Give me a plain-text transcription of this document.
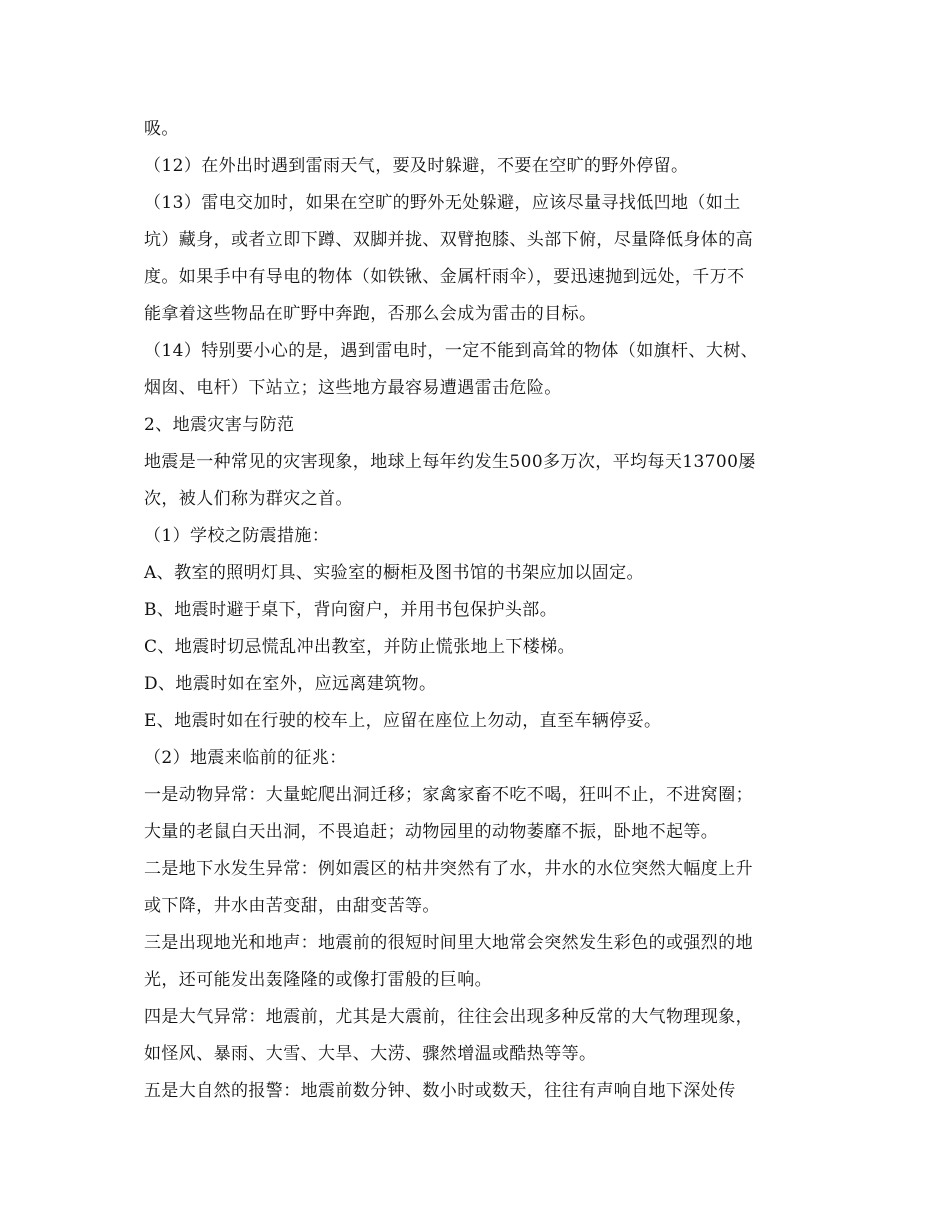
吸。
（12）在外出时遇到雷雨天气，要及时躲避，不要在空旷的野外停留。
（13）雷电交加时，如果在空旷的野外无处躲避，应该尽量寻找低凹地（如土
坑）藏身，或者立即下蹲、双脚并拢、双臂抱膝、头部下俯，尽量降低身体的高
度。如果手中有导电的物体（如铁锹、金属杆雨伞），要迅速抛到远处，千万不
能拿着这些物品在旷野中奔跑，否那么会成为雷击的目标。
（14）特别要小心的是，遇到雷电时，一定不能到高耸的物体（如旗杆、大树、
烟囱、电杆）下站立；这些地方最容易遭遇雷击危险。
2、地震灾害与防范
地震是一种常见的灾害现象，地球上每年约发生500多万次，平均每天13700屡
次，被人们称为群灾之首。
（1）学校之防震措施：
A、教室的照明灯具、实验室的橱柜及图书馆的书架应加以固定。
B、地震时避于桌下，背向窗户，并用书包保护头部。
C、地震时切忌慌乱冲出教室，并防止慌张地上下楼梯。
D、地震时如在室外，应远离建筑物。
E、地震时如在行驶的校车上，应留在座位上勿动，直至车辆停妥。
（2）地震来临前的征兆：
一是动物异常：大量蛇爬出洞迁移；家禽家畜不吃不喝，狂叫不止，不进窝圈；
大量的老鼠白天出洞，不畏追赶；动物园里的动物萎靡不振，卧地不起等。
二是地下水发生异常：例如震区的枯井突然有了水，井水的水位突然大幅度上升
或下降，井水由苦变甜，由甜变苦等。
三是出现地光和地声：地震前的很短时间里大地常会突然发生彩色的或强烈的地
光，还可能发出轰隆隆的或像打雷般的巨响。
四是大气异常：地震前，尤其是大震前，往往会出现多种反常的大气物理现象，
如怪风、暴雨、大雪、大旱、大涝、骤然增温或酷热等等。
五是大自然的报警：地震前数分钟、数小时或数天，往往有声响自地下深处传
